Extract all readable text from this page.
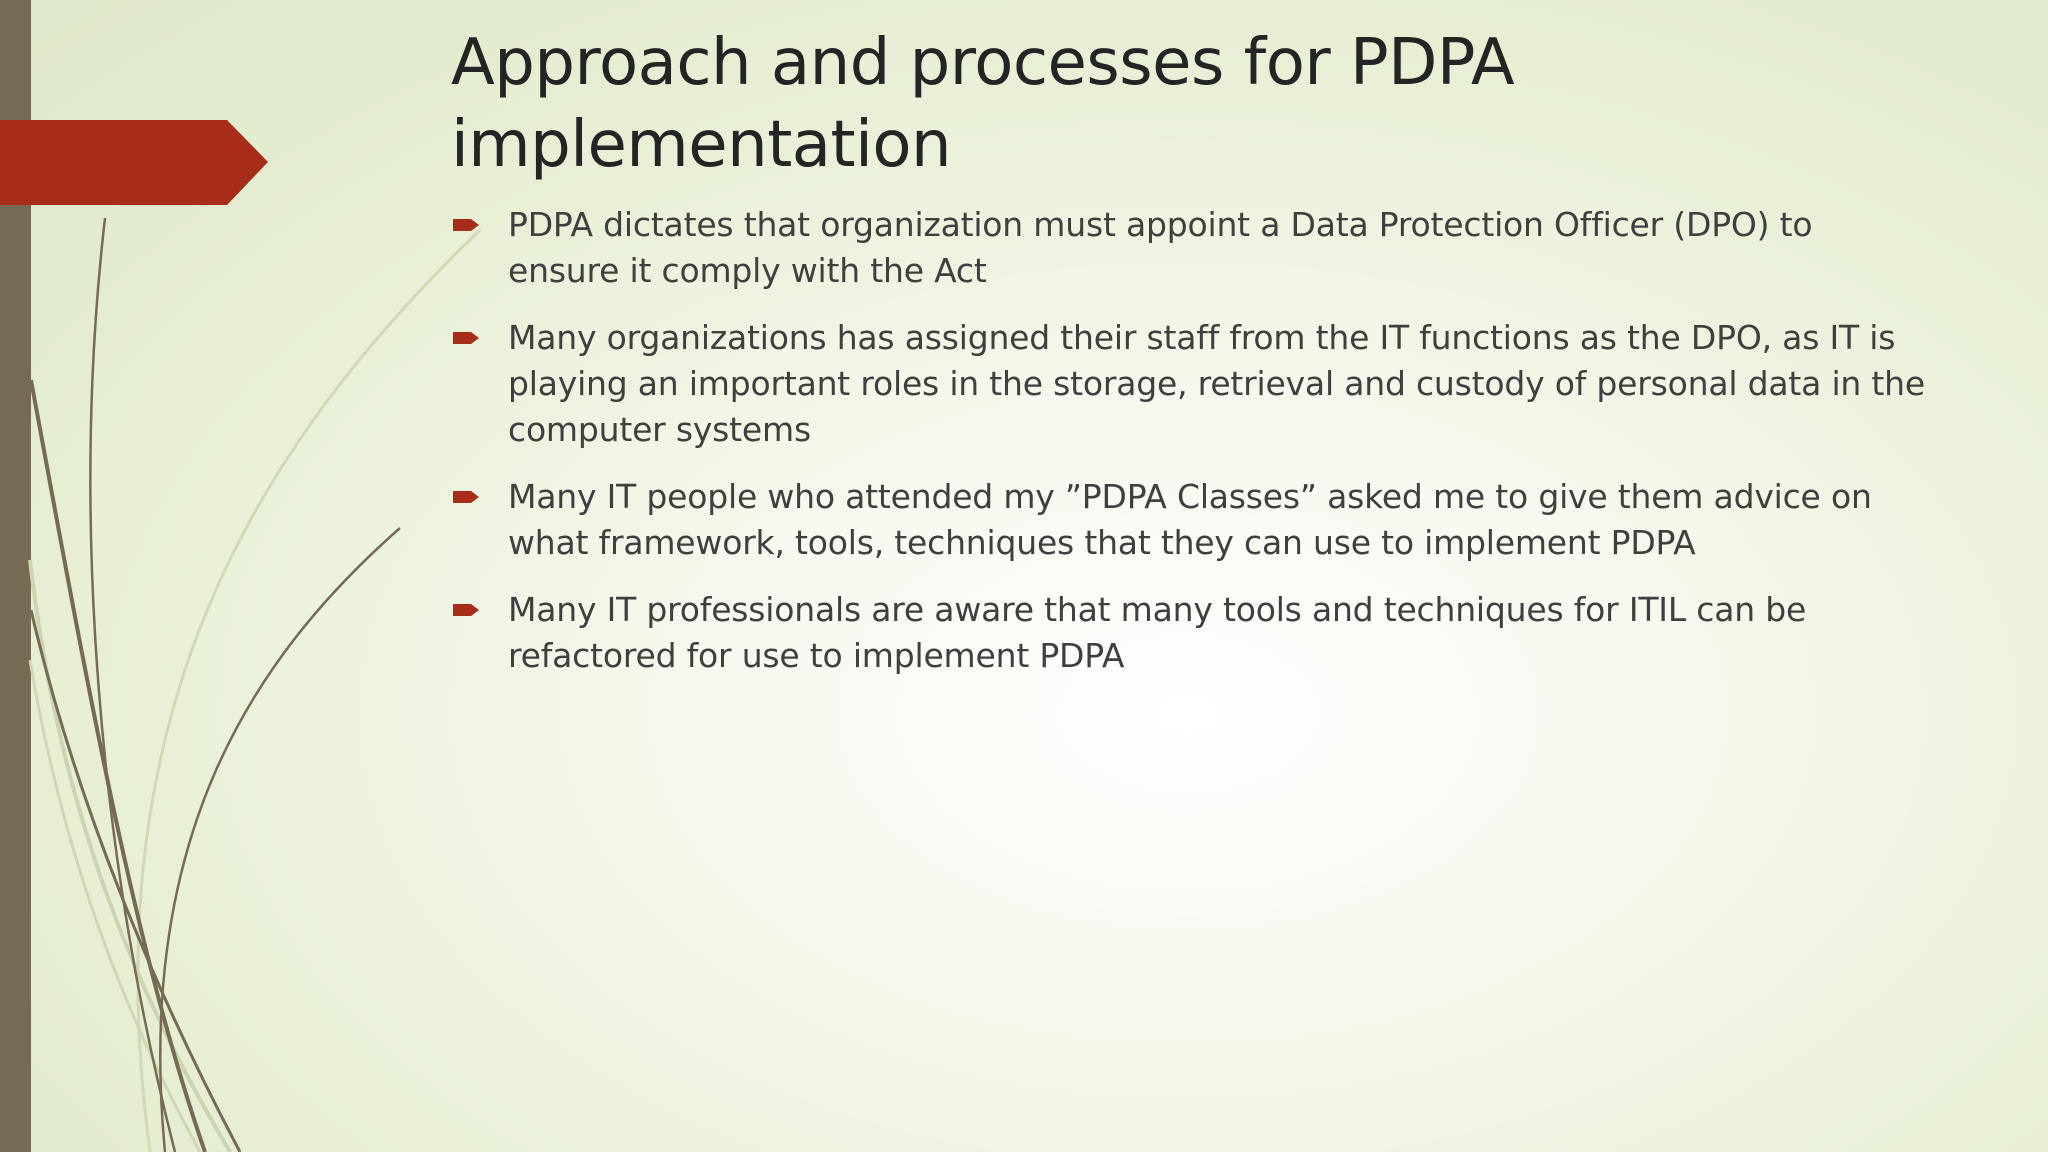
Approach and processes for PDPA implementation
PDPA dictates that organization must appoint a Data Protection Officer (DPO) to ensure it comply with the Act
Many organizations has assigned their staff from the IT functions as the DPO, as IT is playing an important roles in the storage, retrieval and custody of personal data in the computer systems
Many IT people who attended my ”PDPA Classes” asked me to give them advice on what framework, tools, techniques that they can use to implement PDPA
Many IT professionals are aware that many tools and techniques for ITIL can be refactored for use to implement PDPA
